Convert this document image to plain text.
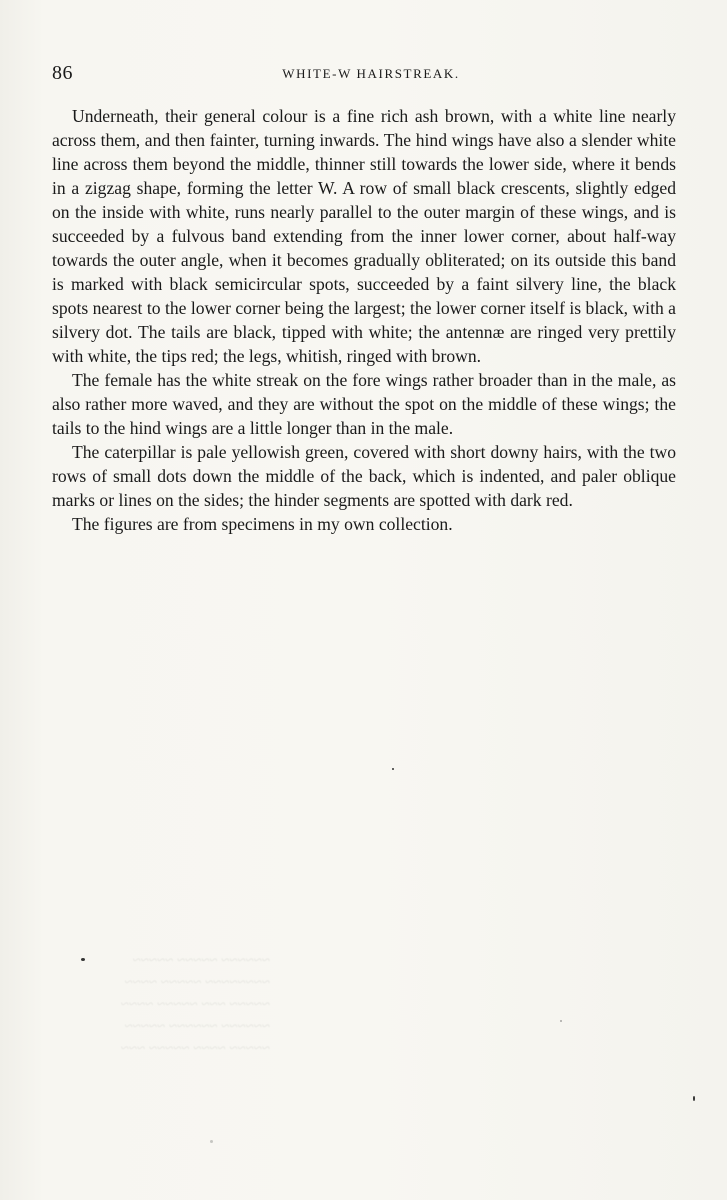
86	WHITE-W HAIRSTREAK.

Underneath, their general colour is a fine rich ash brown, with a white line nearly across them, and then fainter, turning inwards. The hind wings have also a slender white line across them beyond the middle, thinner still towards the lower side, where it bends in a zigzag shape, forming the letter W. A row of small black crescents, slightly edged on the inside with white, runs nearly parallel to the outer margin of these wings, and is succeeded by a fulvous band extending from the inner lower corner, about half-way towards the outer angle, when it becomes gradually obliterated; on its outside this band is marked with black semicircular spots, succeeded by a faint silvery line, the black spots nearest to the lower corner being the largest; the lower corner itself is black, with a silvery dot. The tails are black, tipped with white; the antennæ are ringed very prettily with white, the tips red; the legs, whitish, ringed with brown.

The female has the white streak on the fore wings rather broader than in the male, as also rather more waved, and they are without the spot on the middle of these wings; the tails to the hind wings are a little longer than in the male.

The caterpillar is pale yellowish green, covered with short downy hairs, with the two rows of small dots down the middle of the back, which is indented, and paler oblique marks or lines on the sides; the hinder segments are spotted with dark red.

The figures are from specimens in my own collection.

~~~~~~ ~~~~~ ~~~~~
~~~~~~~~ ~~~~~ ~~~~
~~~~~ ~~~ ~~~~~ ~~~~
~~~~~~ ~~~~~~ ~~~~~
~~~~~ ~~~~ ~~~~~ ~~~
